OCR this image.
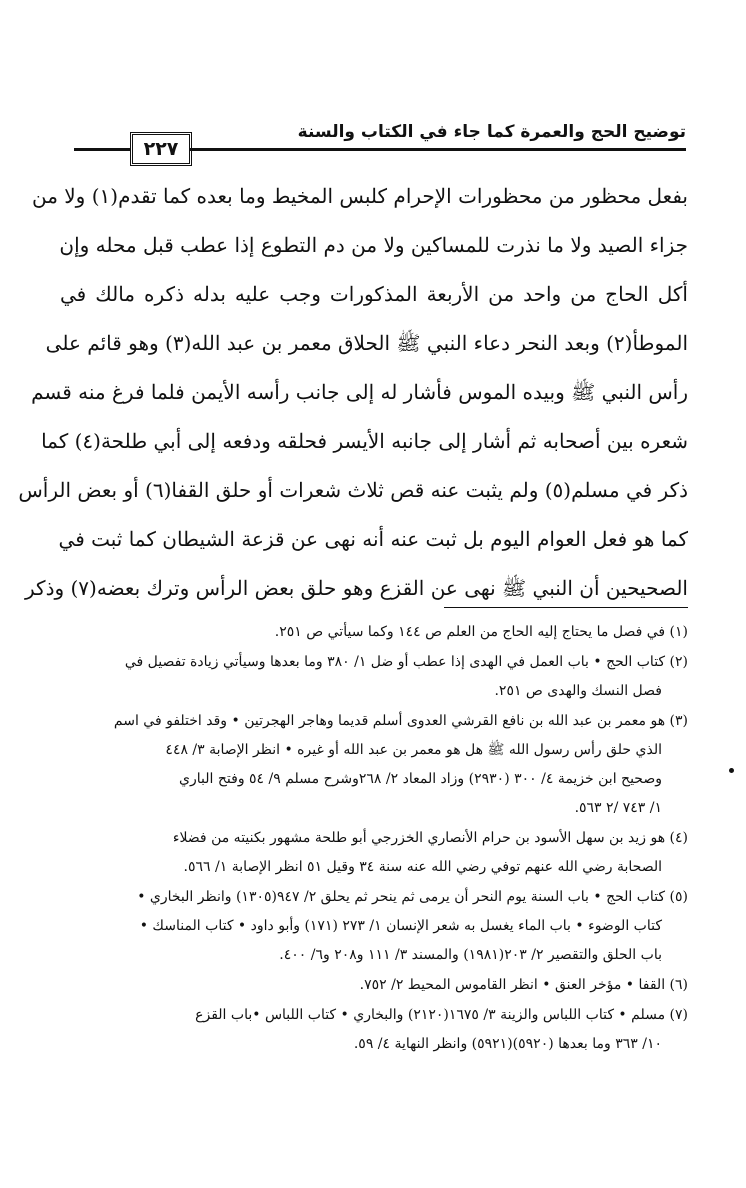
٢٢٧
توضيح الحج والعمرة كما جاء في الكتاب والسنة
بفعل محظور من محظورات الإحرام كلبس المخيط وما بعده كما تقدم(١) ولا من
جزاء الصيد ولا ما نذرت للمساكين ولا من دم التطوع إذا عطب قبل محله وإن
أكل الحاج من واحد من الأربعة المذكورات وجب عليه بدله ذكره مالك في
الموطأ(٢) وبعد النحر دعاء النبي ﷺ الحلاق معمر بن عبد الله(٣) وهو قائم على
رأس النبي ﷺ وبيده الموس فأشار له إلى جانب رأسه الأيمن فلما فرغ منه قسم
شعره بين أصحابه ثم أشار إلى جانبه الأيسر فحلقه ودفعه إلى أبي طلحة(٤) كما
ذكر في مسلم(٥) ولم يثبت عنه قص ثلاث شعرات أو حلق القفا(٦) أو بعض الرأس
كما هو فعل العوام اليوم بل ثبت عنه أنه نهى عن قزعة الشيطان كما ثبت في
الصحيحين أن النبي ﷺ نهى عن القزع وهو حلق بعض الرأس وترك بعضه(٧) وذكر
(١) في فصل ما يحتاج إليه الحاج من العلم ص ١٤٤ وكما سيأتي ص ٢٥١.
(٢) كتاب الحج • باب العمل في الهدى إذا عطب أو ضل ١/ ٣٨٠ وما بعدها وسيأتي زيادة تفصيل في
فصل النسك والهدى ص ٢٥١.
(٣) هو معمر بن عبد الله بن نافع القرشي العدوى أسلم قديما وهاجر الهجرتين • وقد اختلفو في اسم
الذي حلق رأس رسول الله ﷺ هل هو معمر بن عبد الله أو غيره • انظر الإصابة ٣/ ٤٤٨
وصحيح ابن خزيمة ٤/ ٣٠٠ (٢٩٣٠) وزاد المعاد ٢/ ٢٦٨وشرح مسلم ٩/ ٥٤ وفتح الباري
١/ ٧٤٣ /٢ ٥٦٣.
(٤) هو زيد بن سهل الأسود بن حرام الأنصاري الخزرجي أبو طلحة مشهور بكنيته من فضلاء
الصحابة رضي الله عنهم توفي رضي الله عنه سنة ٣٤ وقيل ٥١ انظر الإصابة ١/ ٥٦٦.
(٥) كتاب الحج • باب السنة يوم النحر أن يرمى ثم ينحر ثم يحلق ٢/ ٩٤٧(١٣٠٥) وانظر البخاري •
كتاب الوضوء • باب الماء يغسل به شعر الإنسان ١/ ٢٧٣ (١٧١) وأبو داود • كتاب المناسك •
باب الحلق والتقصير ٢/ ٢٠٣(١٩٨١) والمسند ٣/ ١١١ و٢٠٨ و٦/ ٤٠٠.
(٦) القفا • مؤخر العنق • انظر القاموس المحيط ٢/ ٧٥٢.
(٧) مسلم • كتاب اللباس والزينة ٣/ ١٦٧٥(٢١٢٠) والبخاري • كتاب اللباس •باب القزع
١٠/ ٣٦٣ وما بعدها (٥٩٢٠)(٥٩٢١) وانظر النهاية ٤/ ٥٩.
